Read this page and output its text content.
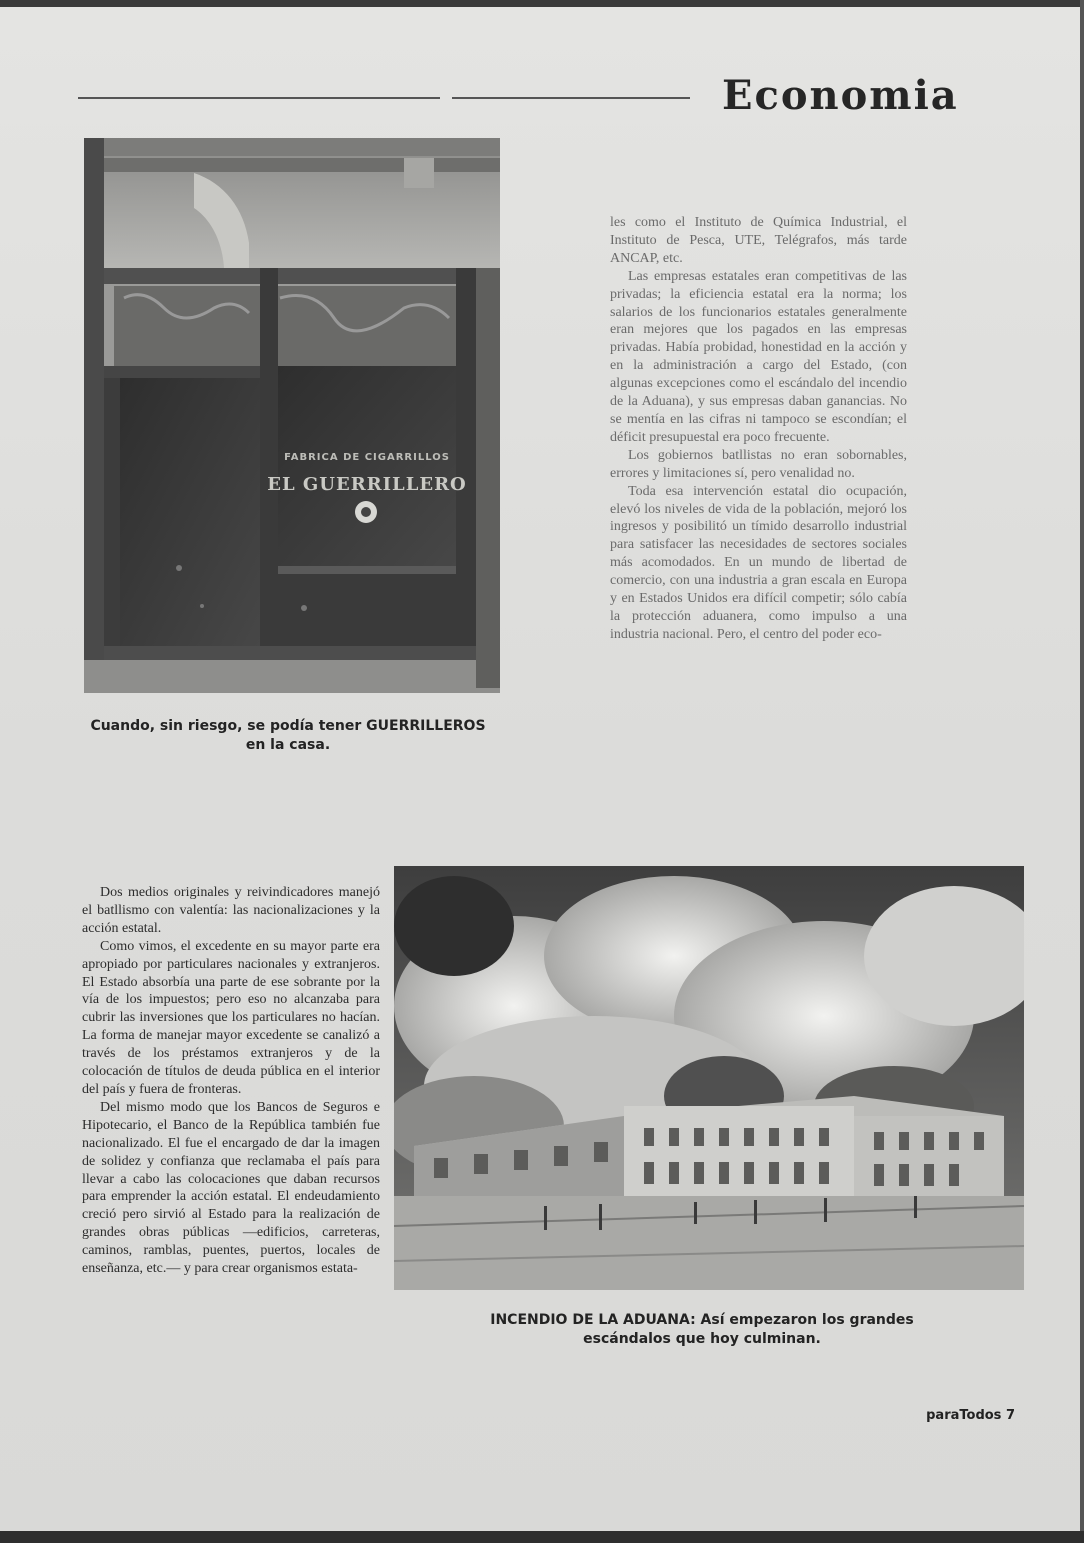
Economia
FABRICA DE CIGARRILLOS
EL GUERRILLERO

Cuando, sin riesgo, se podía tener GUERRILLEROS en la casa.

INCENDIO DE LA ADUANA: Así empezaron los grandes escándalos que hoy culminan.

les como el Instituto de Química Industrial, el Instituto de Pesca, UTE, Telégrafos, más tarde ANCAP, etc.

Las empresas estatales eran competitivas de las privadas; la eficiencia estatal era la norma; los salarios de los funcionarios estatales generalmente eran mejores que los pagados en las empresas privadas. Había probidad, honestidad en la acción y en la administración a cargo del Estado, (con algunas excepciones como el escándalo del incendio de la Aduana), y sus empresas daban ganancias. No se mentía en las cifras ni tampoco se escondían; el déficit presupuestal era poco frecuente.

Los gobiernos batllistas no eran sobornables, errores y limitaciones sí, pero venalidad no.

Toda esa intervención estatal dio ocupación, elevó los niveles de vida de la población, mejoró los ingresos y posibilitó un tímido desarrollo industrial para satisfacer las necesidades de sectores sociales más acomodados. En un mundo de libertad de comercio, con una industria a gran escala en Europa y en Estados Unidos era difícil competir; sólo cabía la protección aduanera, como impulso a una industria nacional. Pero, el centro del poder eco-

Dos medios originales y reivindicadores manejó el batllismo con valentía: las nacionalizaciones y la acción estatal.

Como vimos, el excedente en su mayor parte era apropiado por particulares nacionales y extranjeros. El Estado absorbía una parte de ese sobrante por la vía de los impuestos; pero eso no alcanzaba para cubrir las inversiones que los particulares no hacían. La forma de manejar mayor excedente se canalizó a través de los préstamos extranjeros y de la colocación de títulos de deuda pública en el interior del país y fuera de fronteras.

Del mismo modo que los Bancos de Seguros e Hipotecario, el Banco de la República también fue nacionalizado. El fue el encargado de dar la imagen de solidez y confianza que reclamaba el país para llevar a cabo las colocaciones que daban recursos para emprender la acción estatal. El endeudamiento creció pero sirvió al Estado para la realización de grandes obras públicas —edificios, carreteras, caminos, ramblas, puentes, puertos, locales de enseñanza, etc.— y para crear organismos estata-

paraTodos 7
